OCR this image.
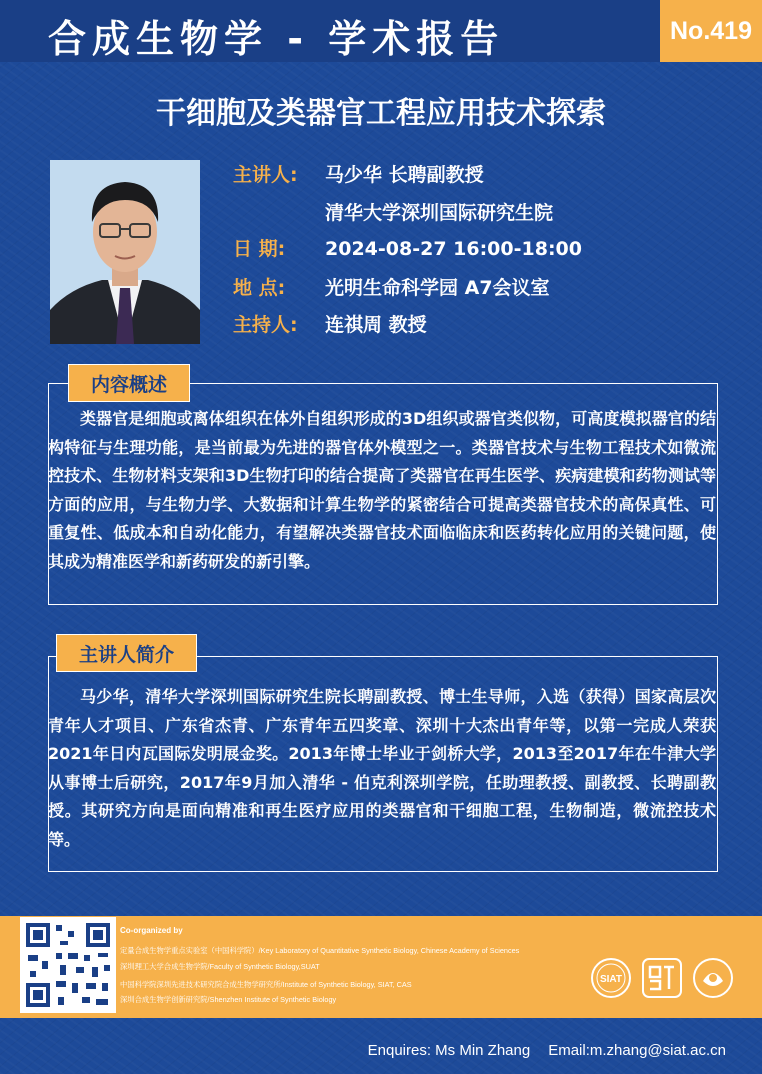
合成生物学 - 学术报告	No.419
干细胞及类器官工程应用技术探索
主讲人: 马少华 长聘副教授
清华大学深圳国际研究生院
日 期: 2024-08-27 16:00-18:00
地 点: 光明生命科学园 A7会议室
主持人: 连祺周 教授
内容概述
类器官是细胞或离体组织在体外自组织形成的3D组织或器官类似物，可高度模拟器官的结构特征与生理功能，是当前最为先进的器官体外模型之一。类器官技术与生物工程技术如微流控技术、生物材料支架和3D生物打印的结合提高了类器官在再生医学、疾病建模和药物测试等方面的应用，与生物力学、大数据和计算生物学的紧密结合可提高类器官技术的高保真性、可重复性、低成本和自动化能力，有望解决类器官技术面临临床和医药转化应用的关键问题，使其成为精准医学和新药研发的新引擎。
主讲人简介
马少华，清华大学深圳国际研究生院长聘副教授、博士生导师，入选（获得）国家高层次青年人才项目、广东省杰青、广东青年五四奖章、深圳十大杰出青年等，以第一完成人荣获2021年日内瓦国际发明展金奖。2013年博士毕业于剑桥大学，2013至2017年在牛津大学从事博士后研究，2017年9月加入清华 - 伯克利深圳学院，任助理教授、副教授、长聘副教授。其研究方向是面向精准和再生医疗应用的类器官和干细胞工程，生物制造，微流控技术等。
Co-organized by
定量合成生物学重点实验室（中国科学院）/Key Laboratory of Quantitative Synthetic Biology, Chinese Academy of Sciences
深圳理工大学合成生物学院/Faculty of Synthetic Biology,SUAT
中国科学院深圳先进技术研究院合成生物学研究所/Institute of Synthetic Biology, SIAT, CAS
深圳合成生物学创新研究院/Shenzhen Institute of Synthetic Biology
SIAT
Enquires: Ms Min Zhang Email:m.zhang@siat.ac.cn
